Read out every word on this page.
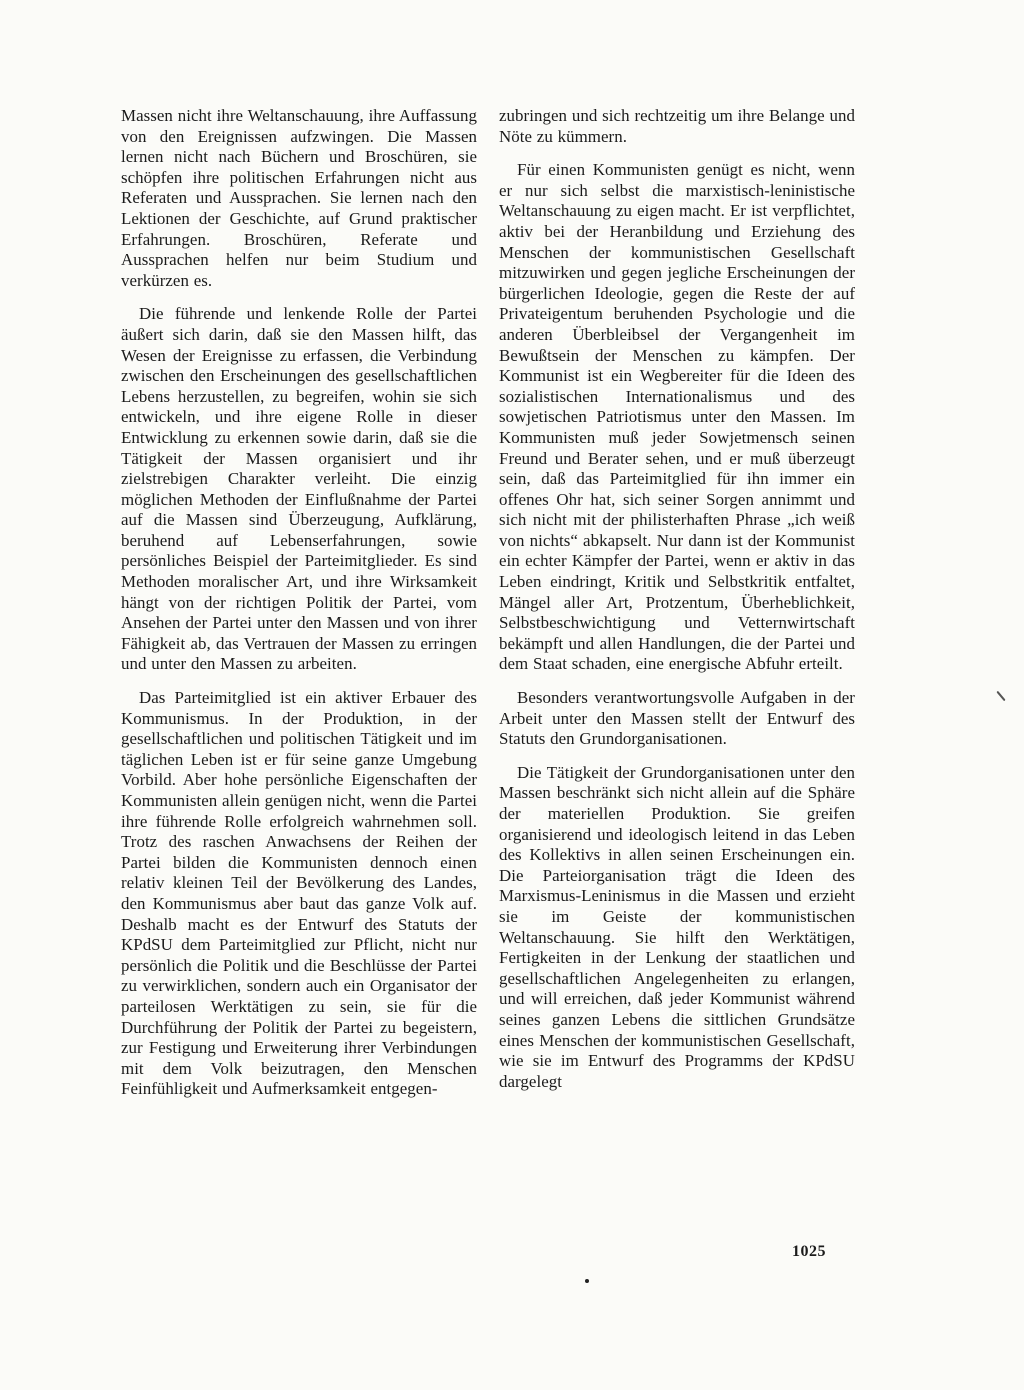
Massen nicht ihre Weltanschauung, ihre Auffassung von den Ereignissen aufzwingen. Die Massen lernen nicht nach Büchern und Broschüren, sie schöpfen ihre politischen Erfahrungen nicht aus Referaten und Aussprachen. Sie lernen nach den Lektionen der Geschichte, auf Grund praktischer Erfahrungen. Broschüren, Referate und Aussprachen helfen nur beim Studium und verkürzen es.

Die führende und lenkende Rolle der Partei äußert sich darin, daß sie den Massen hilft, das Wesen der Ereignisse zu erfassen, die Verbindung zwischen den Erscheinungen des gesellschaftlichen Lebens herzustellen, zu begreifen, wohin sie sich entwickeln, und ihre eigene Rolle in dieser Entwicklung zu erkennen sowie darin, daß sie die Tätigkeit der Massen organisiert und ihr zielstrebigen Charakter verleiht. Die einzig möglichen Methoden der Einflußnahme der Partei auf die Massen sind Überzeugung, Aufklärung, beruhend auf Lebenserfahrungen, sowie persönliches Beispiel der Parteimitglieder. Es sind Methoden moralischer Art, und ihre Wirksamkeit hängt von der richtigen Politik der Partei, vom Ansehen der Partei unter den Massen und von ihrer Fähigkeit ab, das Vertrauen der Massen zu erringen und unter den Massen zu arbeiten.

Das Parteimitglied ist ein aktiver Erbauer des Kommunismus. In der Produktion, in der gesellschaftlichen und politischen Tätigkeit und im täglichen Leben ist er für seine ganze Umgebung Vorbild. Aber hohe persönliche Eigenschaften der Kommunisten allein genügen nicht, wenn die Partei ihre führende Rolle erfolgreich wahrnehmen soll. Trotz des raschen Anwachsens der Reihen der Partei bilden die Kommunisten dennoch einen relativ kleinen Teil der Bevölkerung des Landes, den Kommunismus aber baut das ganze Volk auf. Deshalb macht es der Entwurf des Statuts der KPdSU dem Parteimitglied zur Pflicht, nicht nur persönlich die Politik und die Beschlüsse der Partei zu verwirklichen, sondern auch ein Organisator der parteilosen Werktätigen zu sein, sie für die Durchführung der Politik der Partei zu begeistern, zur Festigung und Erweiterung ihrer Verbindungen mit dem Volk beizutragen, den Menschen Feinfühligkeit und Aufmerksamkeit entgegen-

zubringen und sich rechtzeitig um ihre Belange und Nöte zu kümmern.

Für einen Kommunisten genügt es nicht, wenn er nur sich selbst die marxistisch-leninistische Weltanschauung zu eigen macht. Er ist verpflichtet, aktiv bei der Heranbildung und Erziehung des Menschen der kommunistischen Gesellschaft mitzuwirken und gegen jegliche Erscheinungen der bürgerlichen Ideologie, gegen die Reste der auf Privateigentum beruhenden Psychologie und die anderen Überbleibsel der Vergangenheit im Bewußtsein der Menschen zu kämpfen. Der Kommunist ist ein Wegbereiter für die Ideen des sozialistischen Internationalismus und des sowjetischen Patriotismus unter den Massen. Im Kommunisten muß jeder Sowjetmensch seinen Freund und Berater sehen, und er muß überzeugt sein, daß das Parteimitglied für ihn immer ein offenes Ohr hat, sich seiner Sorgen annimmt und sich nicht mit der philisterhaften Phrase „ich weiß von nichts“ abkapselt. Nur dann ist der Kommunist ein echter Kämpfer der Partei, wenn er aktiv in das Leben eindringt, Kritik und Selbstkritik entfaltet, Mängel aller Art, Protzentum, Überheblichkeit, Selbstbeschwichtigung und Vetternwirtschaft bekämpft und allen Handlungen, die der Partei und dem Staat schaden, eine energische Abfuhr erteilt.

Besonders verantwortungsvolle Aufgaben in der Arbeit unter den Massen stellt der Entwurf des Statuts den Grundorganisationen.

Die Tätigkeit der Grundorganisationen unter den Massen beschränkt sich nicht allein auf die Sphäre der materiellen Produktion. Sie greifen organisierend und ideologisch leitend in das Leben des Kollektivs in allen seinen Erscheinungen ein. Die Parteiorganisation trägt die Ideen des Marxismus-Leninismus in die Massen und erzieht sie im Geiste der kommunistischen Weltanschauung. Sie hilft den Werktätigen, Fertigkeiten in der Lenkung der staatlichen und gesellschaftlichen Angelegenheiten zu erlangen, und will erreichen, daß jeder Kommunist während seines ganzen Lebens die sittlichen Grundsätze eines Menschen der kommunistischen Gesellschaft, wie sie im Entwurf des Programms der KPdSU dargelegt

1025
